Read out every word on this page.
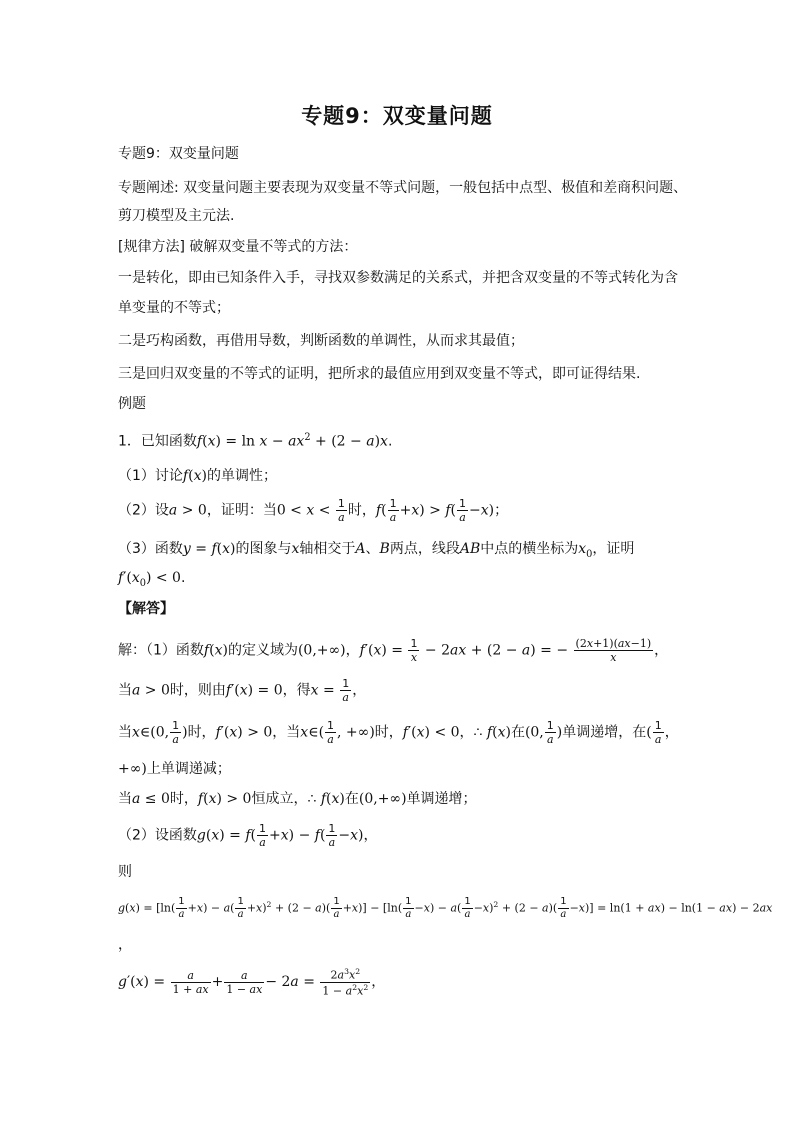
专题9：双变量问题
专题9：双变量问题
专题阐述: 双变量问题主要表现为双变量不等式问题，一般包括中点型、极值和差商积问题、
剪刀模型及主元法.
[规律方法] 破解双变量不等式的方法：
一是转化，即由已知条件入手，寻找双参数满足的关系式，并把含双变量的不等式转化为含
单变量的不等式；
二是巧构函数，再借用导数，判断函数的单调性，从而求其最值；
三是回归双变量的不等式的证明，把所求的最值应用到双变量不等式，即可证得结果.
例题
1．已知函数$f(x) = \ln x - ax^2 + (2 - a)x$.
（1）讨论f(x)的单调性；
（2）设a > 0，证明：当$0 < x < \frac{1}{a}$ 时，$f( \frac{1}{a} +x) > f( \frac{1}{a} -x)$；
（3）函数y = f(x)的图象与x轴相交于A、B两点，线段AB中点的横坐标为$x_0$，证明
$f'(x_0) < 0$.
【解答】
解：（1）函数f(x)的定义域为(0,+∞)，$f'(x) = \frac{1}{x} - 2ax + (2 - a)$ = − $\frac{(2x+1)(ax-1)}{x}$ ，
当a > 0时，则由f′(x) = 0，得$x = \frac{1}{a}$ ，
当x∈(0, $\frac{1}{a}$ )时，f′(x) > 0，当x∈( $\frac{1}{a}$ , +∞)时，f′(x) < 0，∴ f(x)在(0, $\frac{1}{a}$ )单调递增，在( $\frac{1}{a}$ ，
+∞)上单调递减；
当a ≤ 0时，f(x) > 0恒成立，∴ f(x)在(0,+∞)单调递增；
（2）设函数$g(x) = f( \frac{1}{a} +x) - f( \frac{1}{a} -x)$，
则
$g(x) = [\ln( \frac{1}{a} +x) - a( \frac{1}{a} +x)^2 + (2 - a)( \frac{1}{a} +x)] - [\ln( \frac{1}{a} -x) - a( \frac{1}{a} -x)^2 + (2 - a)( \frac{1}{a} -x)] = \ln(1 + ax) - \ln(1 - ax) - 2ax$
，
$g'(x) = \frac{a}{1 + ax} + \frac{a}{1 - ax} - 2a = \frac{2a^3x^2}{1 - a^2x^2}$ ，
